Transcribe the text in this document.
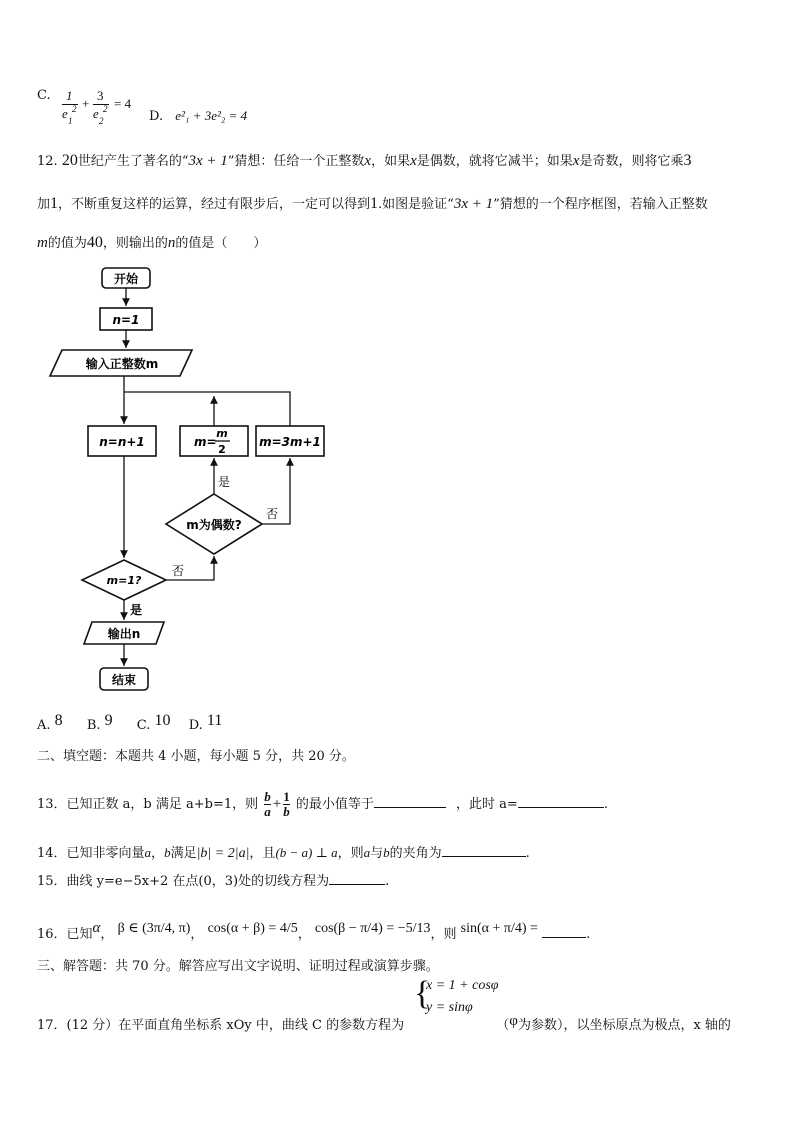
C. 1
e 2
1
+
3
e 2
2
= 4
D. e²₁ + 3e²₂ = 4
12. 20世纪产生了著名的“3x + 1”猜想：任给一个正整数x，如果x是偶数，就将它减半；如果x是奇数，则将它乘3
加1，不断重复这样的运算，经过有限步后，一定可以得到1.如图是验证“3x + 1”猜想的一个程序框图，若输入正整数
m的值为40，则输出的n的值是（　　）
开始
n=1
输入正整数m
n=n+1	m=
m
2
m=3m+1
是
m为偶数?
否
m=1?
否
是
输出n
结束
A. 8 B. 9 C. 10 D. 11
二、填空题：本题共 4 小题，每小题 5 分，共 20 分。
13．已知正数 a，b 满足 a+b=1，则 $\frac{b}{a} + \frac{1}{b}$ 的最小值等于	，此时 a=	.
14．已知非零向量a，b满足|b| = 2|a|，且(b − a) ⊥ a，则a与b的夹角为	.
15．曲线 y=e−5x+2 在点(0，3)处的切线方程为	.
16．已知α， β ∈ (3π/4, π)， cos(α + β) = 4/5， cos(β − π/4) = −5/13，则 sin(α + π/4) =	.
三、解答题：共 70 分。解答应写出文字说明、证明过程或演算步骤。
{
x = 1 + cosφ
y = sinφ
17．(12 分）在平面直角坐标系 xOy 中，曲线 C 的参数方程为	（φ为参数），以坐标原点为极点，x 轴的
